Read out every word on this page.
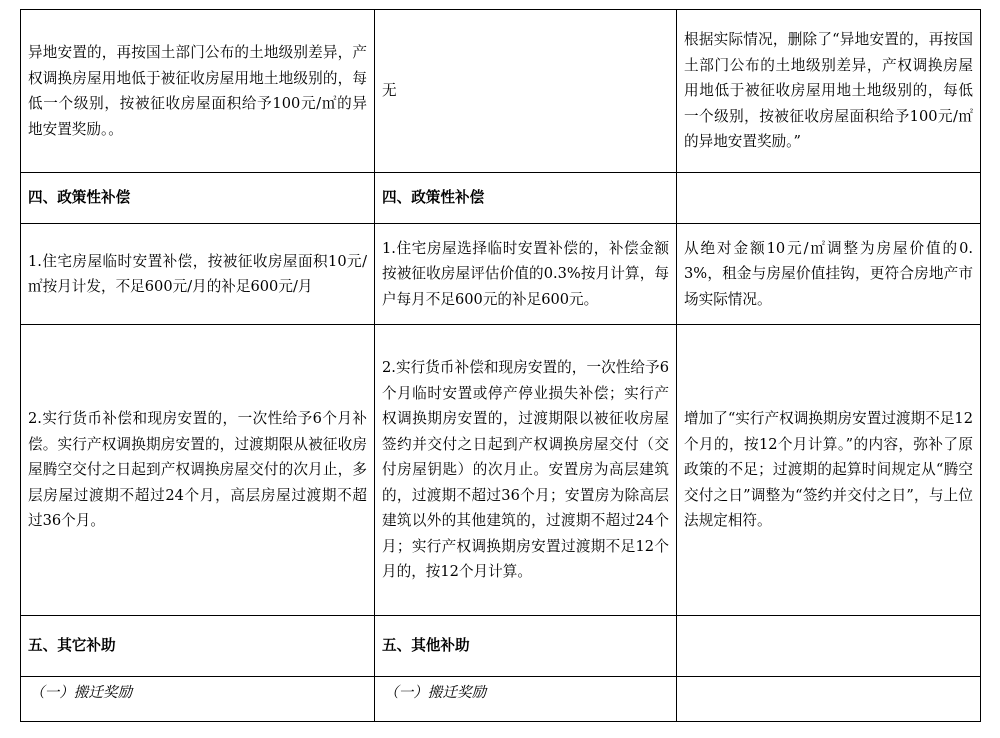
异地安置的，再按国土部门公布的土地级别差异，产权调换房屋用地低于被征收房屋用地土地级别的，每低一个级别，按被征收房屋面积给予100元/㎡的异地安置奖励。。	无	根据实际情况，删除了“异地安置的，再按国土部门公布的土地级别差异，产权调换房屋用地低于被征收房屋用地土地级别的，每低一个级别，按被征收房屋面积给予100元/㎡的异地安置奖励。”
四、政策性补偿	四、政策性补偿	
1.住宅房屋临时安置补偿，按被征收房屋面积10元/㎡按月计发，不足600元/月的补足600元/月	1.住宅房屋选择临时安置补偿的，补偿金额按被征收房屋评估价值的0.3%按月计算，每户每月不足600元的补足600元。	从绝对金额10元/㎡调整为房屋价值的0.3%，租金与房屋价值挂钩，更符合房地产市场实际情况。
2.实行货币补偿和现房安置的，一次性给予6个月补偿。实行产权调换期房安置的，过渡期限从被征收房屋腾空交付之日起到产权调换房屋交付的次月止，多层房屋过渡期不超过24个月，高层房屋过渡期不超过36个月。	2.实行货币补偿和现房安置的，一次性给予6个月临时安置或停产停业损失补偿；实行产权调换期房安置的，过渡期限以被征收房屋签约并交付之日起到产权调换房屋交付（交付房屋钥匙）的次月止。安置房为高层建筑的，过渡期不超过36个月；安置房为除高层建筑以外的其他建筑的，过渡期不超过24个月；实行产权调换期房安置过渡期不足12个月的，按12个月计算。	增加了“实行产权调换期房安置过渡期不足12个月的，按12个月计算。”的内容，弥补了原政策的不足；过渡期的起算时间规定从“腾空交付之日”调整为“签约并交付之日”，与上位法规定相符。
五、其它补助	五、其他补助	
（一）搬迁奖励	（一）搬迁奖励	
